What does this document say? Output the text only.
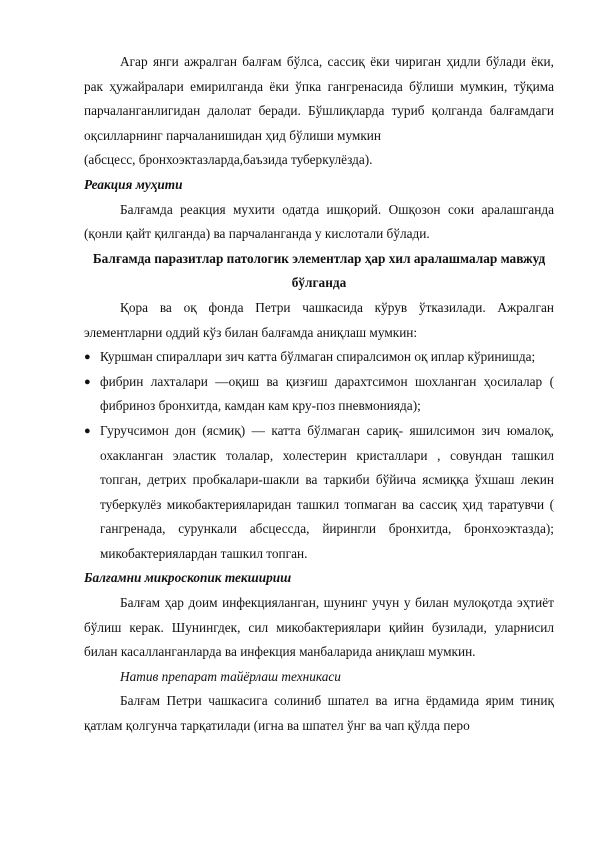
Агар янги ажралган балғам бўлса, сассиқ ёки чириган ҳидли бўлади ёки, рак ҳужайралари емирилганда ёки ўпка гангренасида бўлиши мумкин, тўқима парчаланганлигидан далолат беради. Бўшлиқларда туриб қолганда балғамдаги оқсилларнинг парчаланишидан ҳид бўлиши мумкин

(абсцесс, бронхоэктазларда,баъзида туберкулёзда).

Реакция муҳити

Балғамда реакция мухити одатда ишқорий. Ошқозон соки аралашганда (қонли қайт қилганда) ва парчаланганда у кислотали бўлади.

Балғамда паразитлар патологик элементлар ҳар хил аралашмалар мавжуд бўлганда

Қора ва оқ фонда Петри чашкасида кўрув ўтказилади. Ажралган элементларни оддий кўз билан балғамда аниқлаш мумкин:

● Куршман спираллари зич катта бўлмаган спиралсимон оқ иплар кўринишда;
● фибрин лахталари —оқиш ва қизғиш дарахтсимон шохланган ҳосилалар ( фибриноз бронхитда, камдан кам кру-поз пневмонияда);
● Гуручсимон дон (ясмиқ) — катта бўлмаган сариқ- яшилсимон зич юмалоқ, охакланган эластик толалар, холестерин кристаллари , совундан ташкил топган, детрих пробкалари-шакли ва таркиби бўйича ясмиққа ўхшаш лекин туберкулёз микобактерияларидан ташкил топмаган ва сассиқ ҳид таратувчи ( гангренада, сурункали абсцессда, йирингли бронхитда, бронхоэктазда); микобактериялардан ташкил топган.

Балғамни микроскопик текшириш

Балғам ҳар доим инфекцияланган, шунинг учун у билан мулоқотда эҳтиёт бўлиш керак. Шунингдек, сил микобактериялари қийин бузилади, уларнисил билан касалланганларда ва инфекция манбаларида аниқлаш мумкин.

Натив препарат тайёрлаш техникаси

Балғам Петри чашкасига солиниб шпател ва игна ёрдамида ярим тиниқ қатлам қолгунча тарқатилади (игна ва шпател ўнг ва чап қўлда перо
